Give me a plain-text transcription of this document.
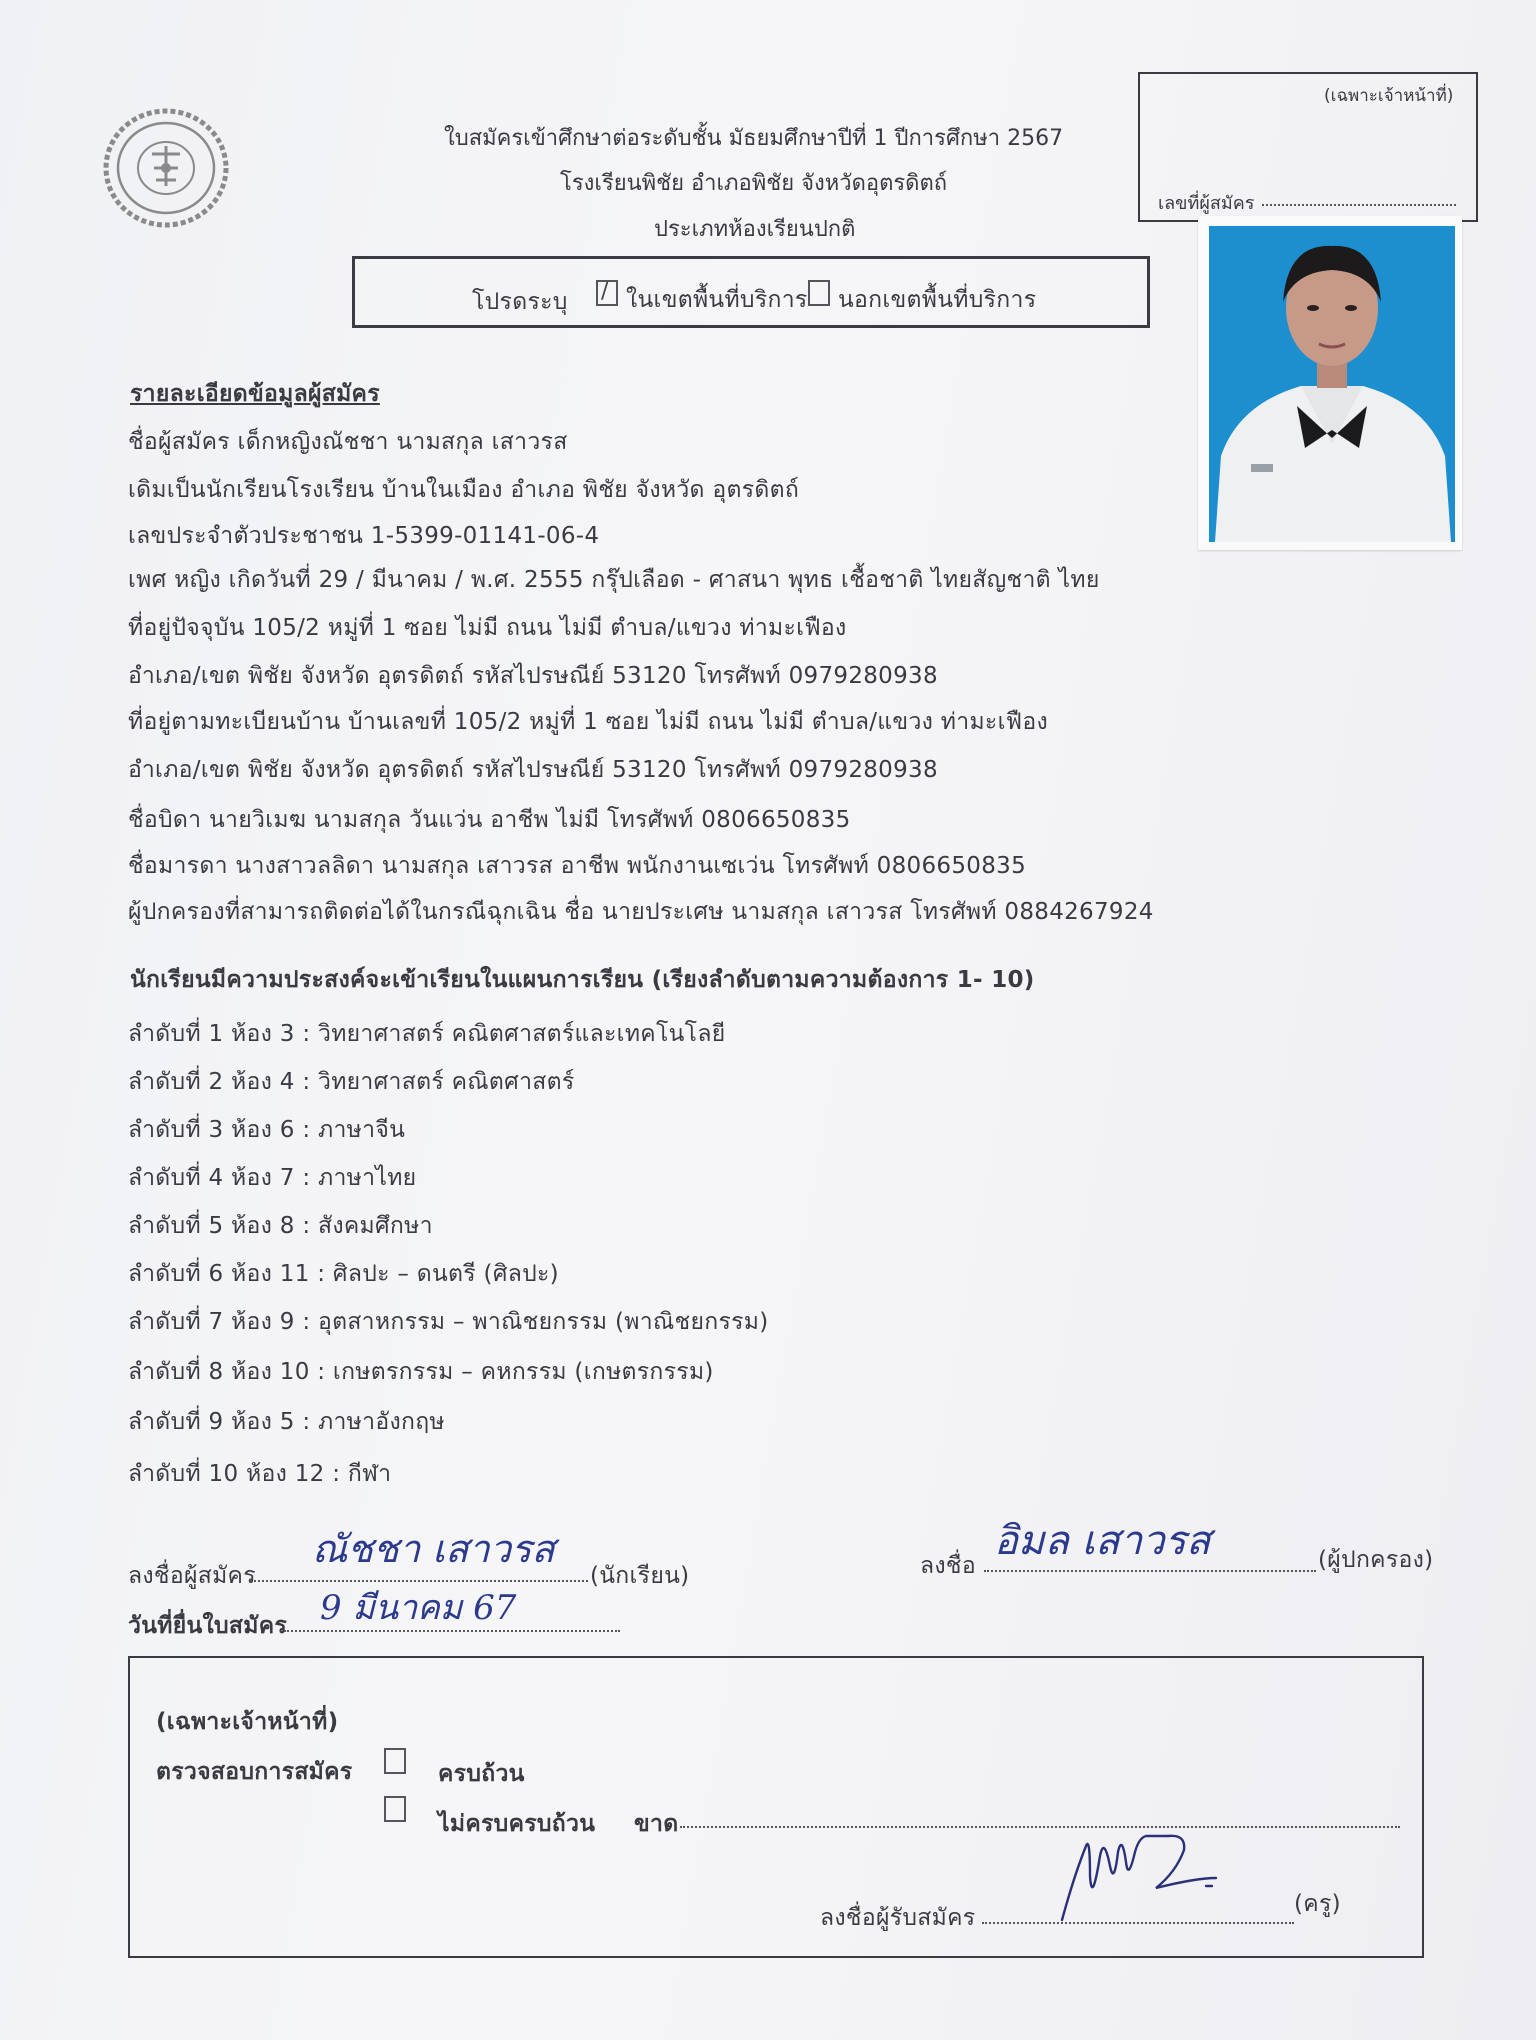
ใบสมัครเข้าศึกษาต่อระดับชั้น มัธยมศึกษาปีที่ 1 ปีการศึกษา 2567
โรงเรียนพิชัย อำเภอพิชัย จังหวัดอุตรดิตถ์
ประเภทห้องเรียนปกติ
(เฉพาะเจ้าหน้าที่)
เลขที่ผู้สมัคร
โปรดระบุ / ในเขตพื้นที่บริการ นอกเขตพื้นที่บริการ
รายละเอียดข้อมูลผู้สมัคร
ชื่อผู้สมัคร เด็กหญิงณัชชา นามสกุล เสาวรส
เดิมเป็นนักเรียนโรงเรียน บ้านในเมือง อำเภอ พิชัย จังหวัด อุตรดิตถ์
เลขประจำตัวประชาชน 1-5399-01141-06-4
เพศ หญิง เกิดวันที่ 29 / มีนาคม / พ.ศ. 2555 กรุ๊ปเลือด - ศาสนา พุทธ เชื้อชาติ ไทยสัญชาติ ไทย
ที่อยู่ปัจจุบัน 105/2 หมู่ที่ 1 ซอย ไม่มี ถนน ไม่มี ตำบล/แขวง ท่ามะเฟือง
อำเภอ/เขต พิชัย จังหวัด อุตรดิตถ์ รหัสไปรษณีย์ 53120 โทรศัพท์ 0979280938
ที่อยู่ตามทะเบียนบ้าน บ้านเลขที่ 105/2 หมู่ที่ 1 ซอย ไม่มี ถนน ไม่มี ตำบล/แขวง ท่ามะเฟือง
อำเภอ/เขต พิชัย จังหวัด อุตรดิตถ์ รหัสไปรษณีย์ 53120 โทรศัพท์ 0979280938
ชื่อบิดา นายวิเมฆ นามสกุล วันแว่น อาชีพ ไม่มี โทรศัพท์ 0806650835
ชื่อมารดา นางสาวลลิดา นามสกุล เสาวรส อาชีพ พนักงานเซเว่น โทรศัพท์ 0806650835
ผู้ปกครองที่สามารถติดต่อได้ในกรณีฉุกเฉิน ชื่อ นายประเศษ นามสกุล เสาวรส โทรศัพท์ 0884267924
นักเรียนมีความประสงค์จะเข้าเรียนในแผนการเรียน (เรียงลำดับตามความต้องการ 1- 10)
ลำดับที่ 1 ห้อง 3 : วิทยาศาสตร์ คณิตศาสตร์และเทคโนโลยี
ลำดับที่ 2 ห้อง 4 : วิทยาศาสตร์ คณิตศาสตร์
ลำดับที่ 3 ห้อง 6 : ภาษาจีน
ลำดับที่ 4 ห้อง 7 : ภาษาไทย
ลำดับที่ 5 ห้อง 8 : สังคมศึกษา
ลำดับที่ 6 ห้อง 11 : ศิลปะ – ดนตรี (ศิลปะ)
ลำดับที่ 7 ห้อง 9 : อุตสาหกรรม – พาณิชยกรรม (พาณิชยกรรม)
ลำดับที่ 8 ห้อง 10 : เกษตรกรรม – คหกรรม (เกษตรกรรม)
ลำดับที่ 9 ห้อง 5 : ภาษาอังกฤษ
ลำดับที่ 10 ห้อง 12 : กีฬา
ลงชื่อผู้สมัคร
ณัชชา เสาวรส
(นักเรียน)
วันที่ยื่นใบสมัคร 9 มีนาคม 67
ลงชื่อ
อิมล เสาวรส	(ผู้ปกครอง)
(เฉพาะเจ้าหน้าที่)
ตรวจสอบการสมัคร	ครบถ้วน
ไม่ครบครบถ้วน ขาด
ลงชื่อผู้รับสมัคร
(ครู)
